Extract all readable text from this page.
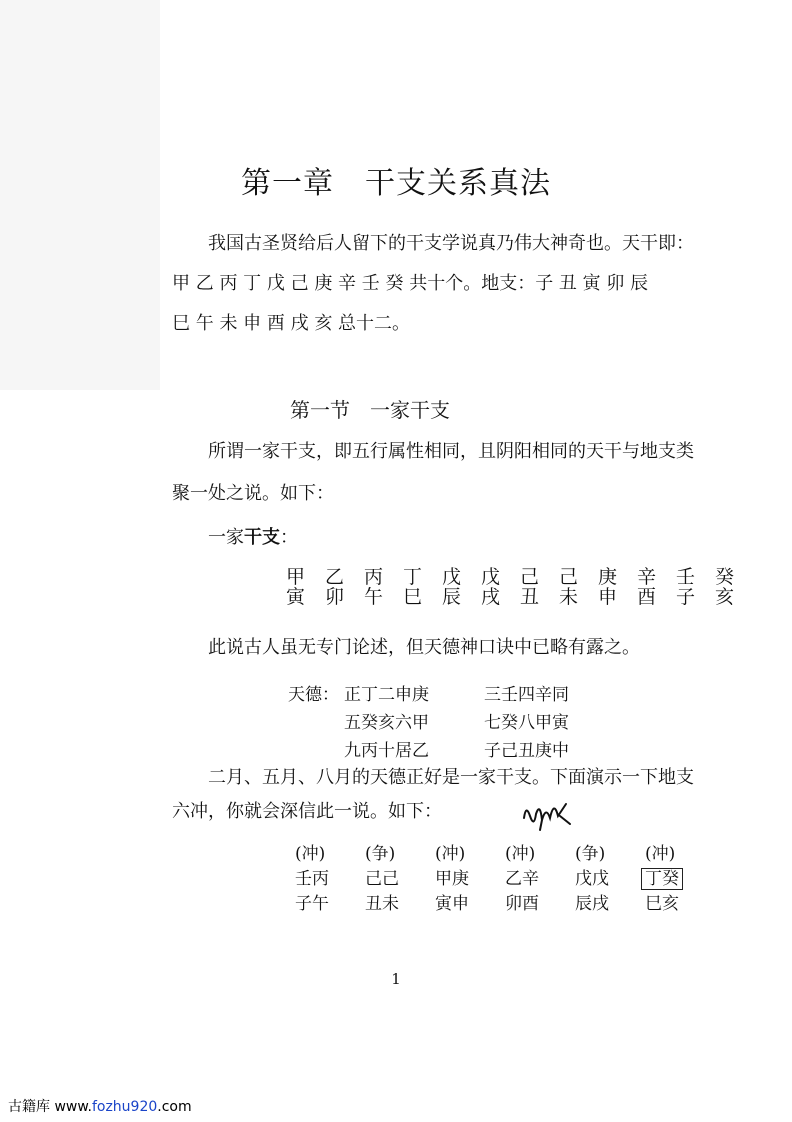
第一章　干支关系真法
我国古圣贤给后人留下的干支学说真乃伟大神奇也。天干即：
甲 乙 丙 丁 戊 己 庚 辛 壬 癸 共十个。地支：子 丑 寅 卯 辰
巳 午 未 申 酉 戌 亥 总十二。
第一节　一家干支
所谓一家干支，即五行属性相同，且阴阳相同的天干与地支类
聚一处之说。如下：
一家干支：
甲	乙	丙	丁	戊	戊	己	己	庚	辛	壬	癸
寅	卯	午	巳	辰	戌	丑	未	申	酉	子	亥
此说古人虽无专门论述，但天德神口诀中已略有露之。
天德： 正丁二申庚	三壬四辛同
五癸亥六甲	七癸八甲寅
九丙十居乙	子己丑庚中
二月、五月、八月的天德正好是一家干支。下面演示一下地支
六冲，你就会深信此一说。如下：
(冲)	(争)	(冲)	(冲)	(争)	(冲)
壬丙	己己	甲庚	乙辛	戊戊	丁癸
子午	丑未	寅申	卯酉	辰戌	巳亥
1
古籍库 www.fozhu920.com
